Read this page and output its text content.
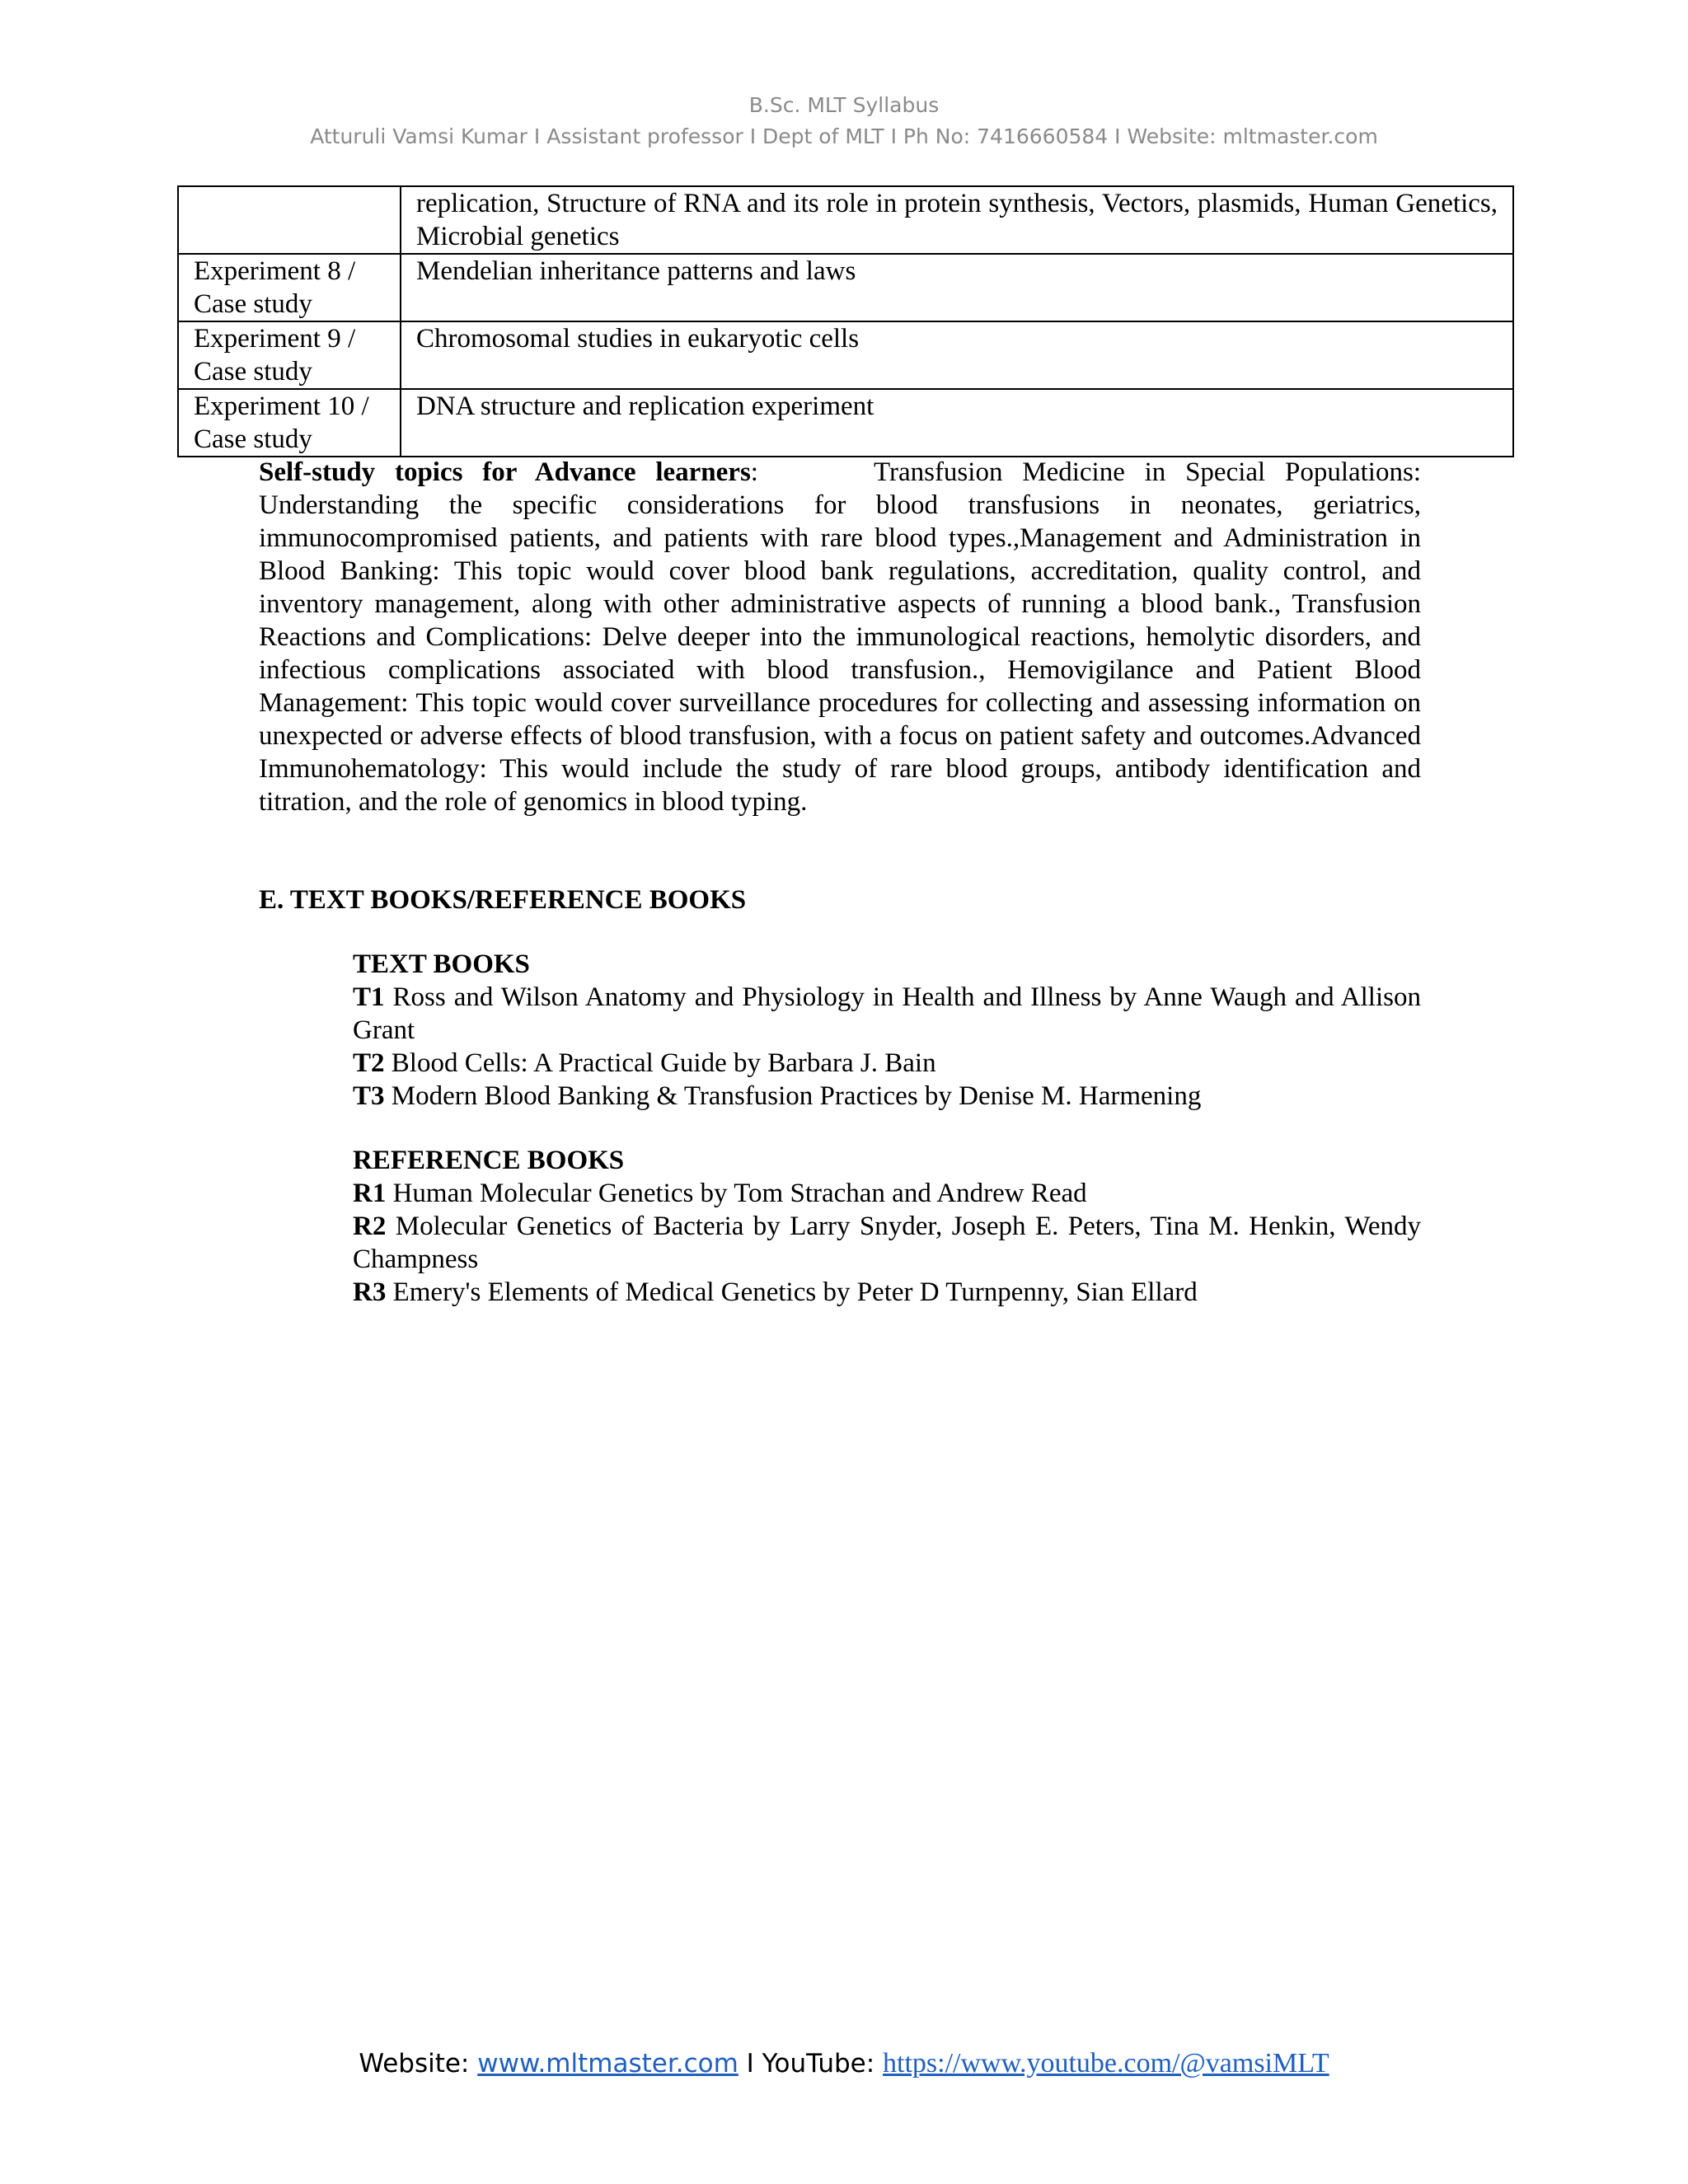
B.Sc. MLT Syllabus
Atturuli Vamsi Kumar I Assistant professor I Dept of MLT I Ph No: 7416660584 I Website: mltmaster.com
	replication, Structure of RNA and its role in protein synthesis, Vectors, plasmids, Human Genetics, Microbial genetics
Experiment 8 / Case study	Mendelian inheritance patterns and laws
Experiment 9 / Case study	Chromosomal studies in eukaryotic cells
Experiment 10 / Case study	DNA structure and replication experiment
Self-study topics for Advance learners:	Transfusion Medicine in Special Populations: Understanding the specific considerations for blood transfusions in neonates, geriatrics, immunocompromised patients, and patients with rare blood types.,Management and Administration in Blood Banking: This topic would cover blood bank regulations, accreditation, quality control, and inventory management, along with other administrative aspects of running a blood bank., Transfusion Reactions and Complications: Delve deeper into the immunological reactions, hemolytic disorders, and infectious complications associated with blood transfusion., Hemovigilance and Patient Blood Management: This topic would cover surveillance procedures for collecting and assessing information on unexpected or adverse effects of blood transfusion, with a focus on patient safety and outcomes.Advanced Immunohematology: This would include the study of rare blood groups, antibody identification and titration, and the role of genomics in blood typing.
E. TEXT BOOKS/REFERENCE BOOKS

TEXT BOOKS

T1 Ross and Wilson Anatomy and Physiology in Health and Illness by Anne Waugh and Allison Grant

T2 Blood Cells: A Practical Guide by Barbara J. Bain

T3 Modern Blood Banking & Transfusion Practices by Denise M. Harmening

REFERENCE BOOKS

R1 Human Molecular Genetics by Tom Strachan and Andrew Read

R2 Molecular Genetics of Bacteria by Larry Snyder, Joseph E. Peters, Tina M. Henkin, Wendy Champness

R3 Emery's Elements of Medical Genetics by Peter D Turnpenny, Sian Ellard

Website: www.mltmaster.com I YouTube: https://www.youtube.com/@vamsiMLT
